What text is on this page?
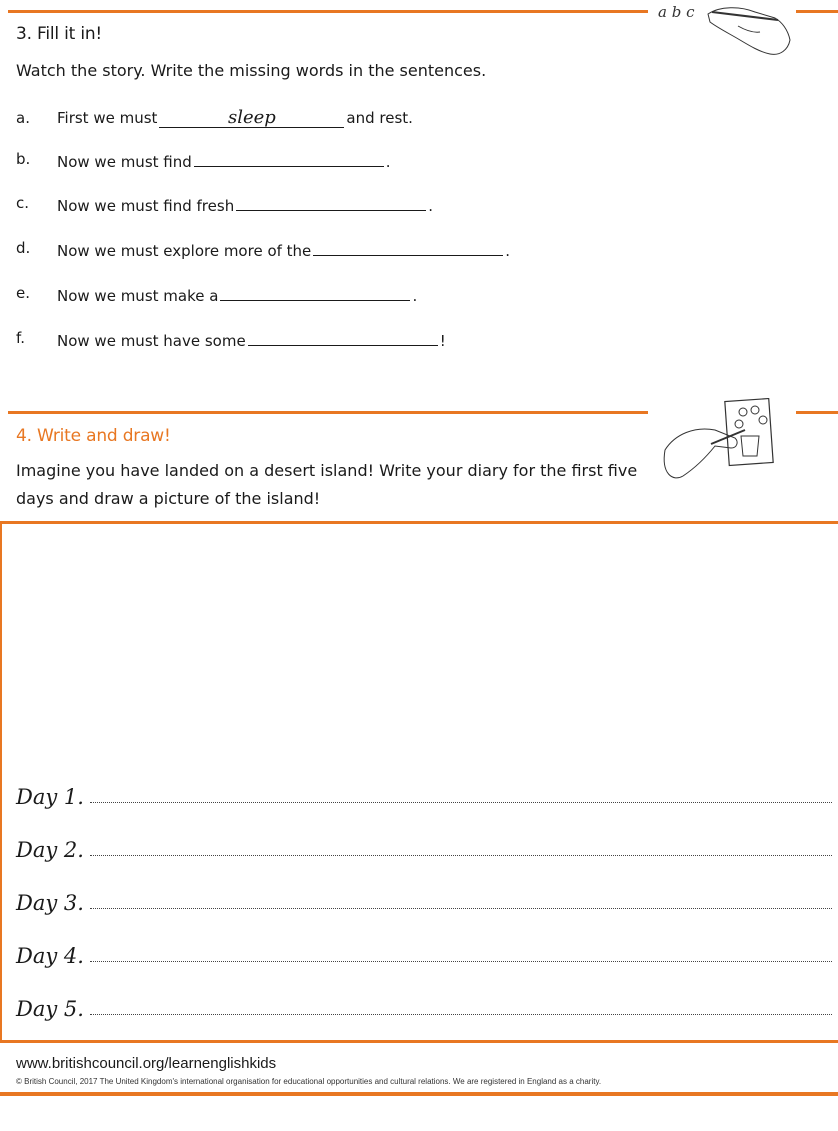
a b c
3. Fill it in!
Watch the story. Write the missing words in the sentences.
a. First we must	sleep	and rest.
b. Now we must find	.
c. Now we must find fresh	.
d. Now we must explore more of the	.
e. Now we must make a	.
f. Now we must have some	!
4. Write and draw!
Imagine you have landed on a desert island! Write your diary for the first five
days and draw a picture of the island!
Day 1.
Day 2.
Day 3.
Day 4.
Day 5.
www.britishcouncil.org/learnenglishkids
© British Council, 2017 The United Kingdom's international organisation for educational opportunities and cultural relations. We are registered in England as a charity.
